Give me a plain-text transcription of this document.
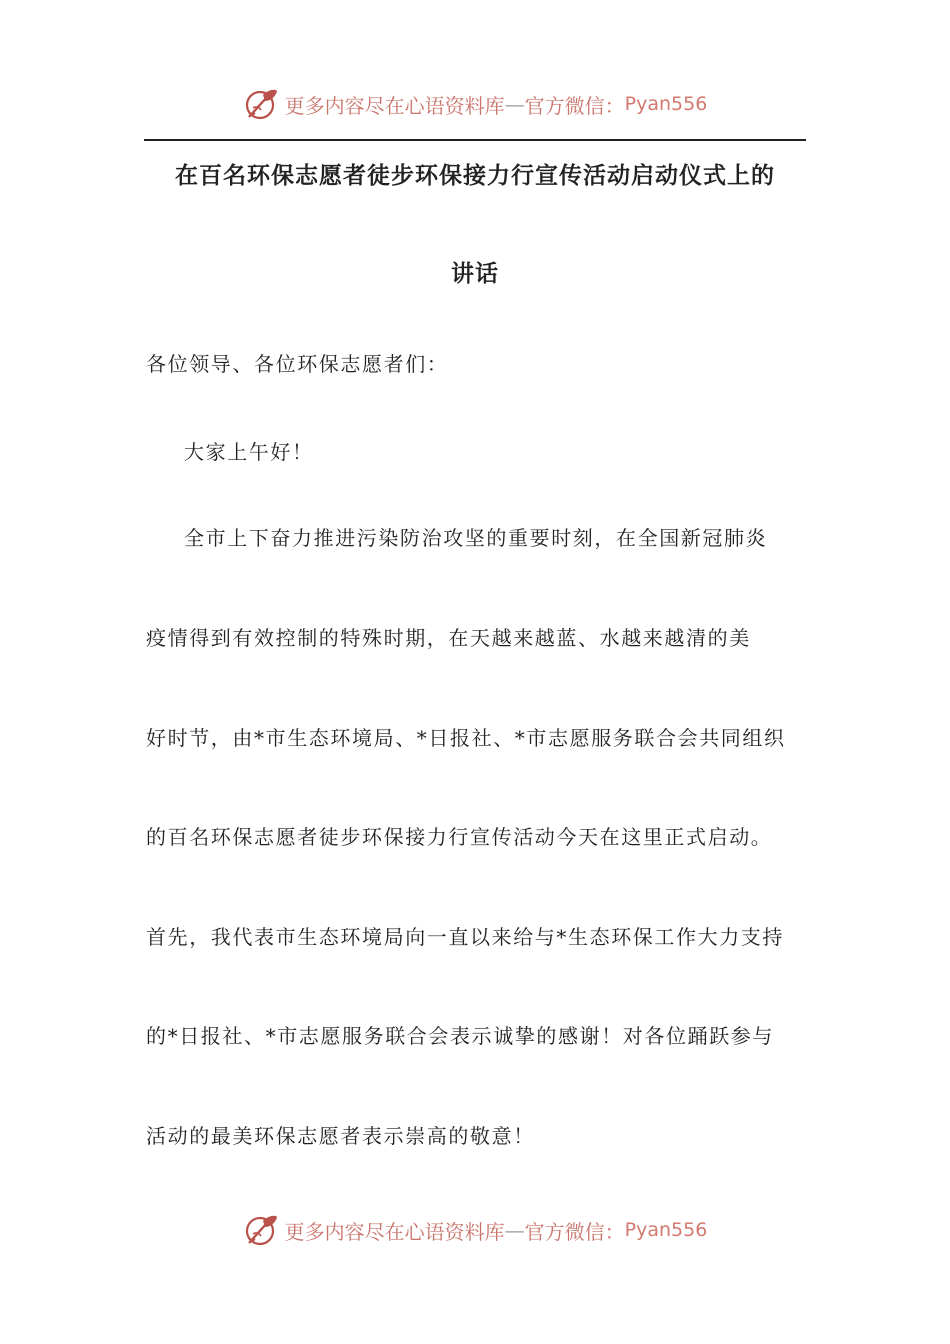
更多内容尽在心语资料库 — 官方微信： Pyan556
在百名环保志愿者徒步环保接力行宣传活动启动仪式上的
讲话
各位领导、各位环保志愿者们：
大家上午好！
全市上下奋力推进污染防治攻坚的重要时刻，在全国新冠肺炎
疫情得到有效控制的特殊时期，在天越来越蓝、水越来越清的美
好时节，由*市生态环境局、*日报社、*市志愿服务联合会共同组织
的百名环保志愿者徒步环保接力行宣传活动今天在这里正式启动。
首先，我代表市生态环境局向一直以来给与*生态环保工作大力支持
的*日报社、*市志愿服务联合会表示诚挚的感谢！对各位踊跃参与
活动的最美环保志愿者表示崇高的敬意！
更多内容尽在心语资料库 — 官方微信： Pyan556
